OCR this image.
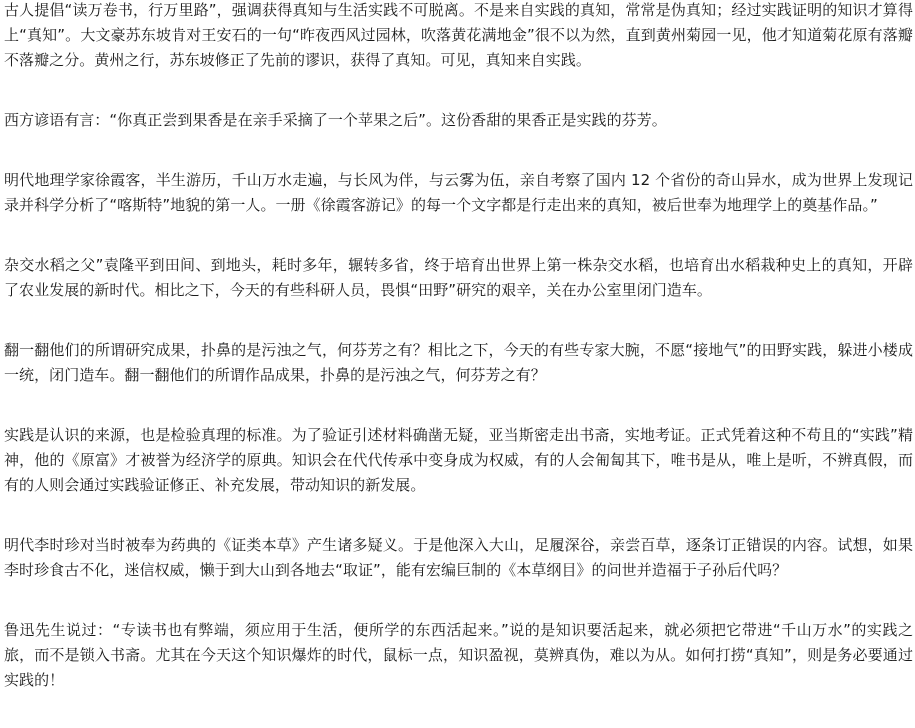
古人提倡“读万卷书，行万里路”，强调获得真知与生活实践不可脱离。不是来自实践的真知，常常是伪真知；经过实践证明的知识才算得上“真知”。大文豪苏东坡肯对王安石的一句“昨夜西风过园林，吹落黄花满地金”很不以为然，直到黄州菊园一见，他才知道菊花原有落瓣不落瓣之分。黄州之行，苏东坡修正了先前的谬识，获得了真知。可见，真知来自实践。

西方谚语有言：“你真正尝到果香是在亲手采摘了一个苹果之后”。这份香甜的果香正是实践的芬芳。

明代地理学家徐霞客，半生游历，千山万水走遍，与长风为伴，与云雾为伍，亲自考察了国内 12 个省份的奇山异水，成为世界上发现记录并科学分析了“喀斯特”地貌的第一人。一册《徐霞客游记》的每一个文字都是行走出来的真知，被后世奉为地理学上的奠基作品。”

杂交水稻之父”袁隆平到田间、到地头，耗时多年，辗转多省，终于培育出世界上第一株杂交水稻，也培育出水稻栽种史上的真知，开辟了农业发展的新时代。相比之下，今天的有些科研人员，畏惧“田野”研究的艰辛，关在办公室里闭门造车。

翻一翻他们的所谓研究成果，扑鼻的是污浊之气，何芬芳之有？相比之下，今天的有些专家大腕，不愿“接地气”的田野实践，躲进小楼成一统，闭门造车。翻一翻他们的所谓作品成果，扑鼻的是污浊之气，何芬芳之有？

实践是认识的来源，也是检验真理的标准。为了验证引述材料确凿无疑，亚当斯密走出书斋，实地考证。正式凭着这种不苟且的“实践”精神，他的《原富》才被誉为经济学的原典。知识会在代代传承中变身成为权威，有的人会匍匐其下，唯书是从，唯上是听，不辨真假，而有的人则会通过实践验证修正、补充发展，带动知识的新发展。

明代李时珍对当时被奉为药典的《证类本草》产生诸多疑义。于是他深入大山，足履深谷，亲尝百草，逐条订正错误的内容。试想，如果李时珍食古不化，迷信权威，懒于到大山到各地去“取证”，能有宏编巨制的《本草纲目》的问世并造福于子孙后代吗？

鲁迅先生说过：“专读书也有弊端，须应用于生活，便所学的东西活起来。”说的是知识要活起来，就必须把它带进“千山万水”的实践之旅，而不是锁入书斋。尤其在今天这个知识爆炸的时代，鼠标一点，知识盈视，莫辨真伪，难以为从。如何打捞“真知”，则是务必要通过实践的！
